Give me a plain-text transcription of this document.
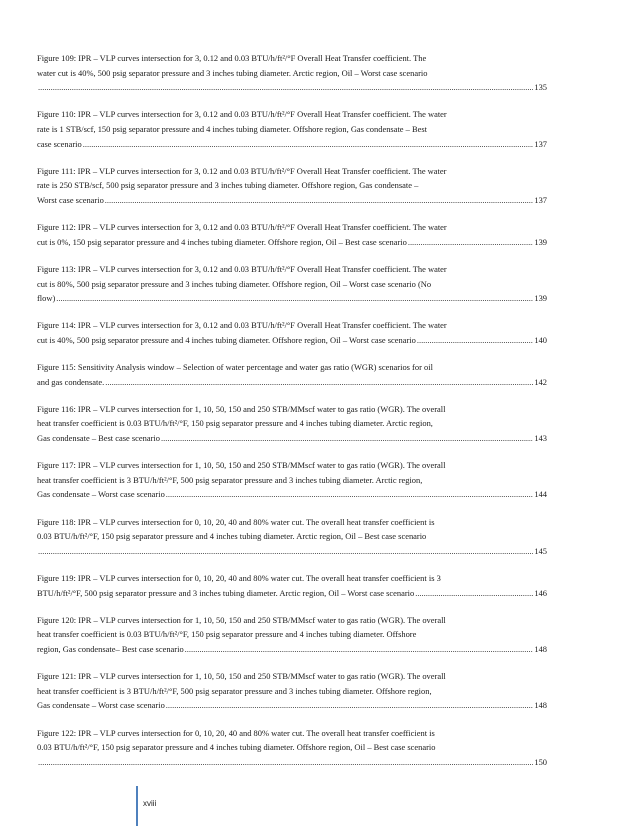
Figure 109: IPR – VLP curves intersection for 3, 0.12 and 0.03 BTU/h/ft²/°F Overall Heat Transfer coefficient. The
water cut is 40%, 500 psig separator pressure and 3 inches tubing diameter. Arctic region, Oil – Worst case scenario
.....
135
Figure 110: IPR – VLP curves intersection for 3, 0.12 and 0.03 BTU/h/ft²/°F Overall Heat Transfer coefficient. The water
rate is 1 STB/scf, 150 psig separator pressure and 4 inches tubing diameter. Offshore region, Gas condensate – Best
case scenario .....	137
Figure 111: IPR – VLP curves intersection for 3, 0.12 and 0.03 BTU/h/ft²/°F Overall Heat Transfer coefficient. The water
rate is 250 STB/scf, 500 psig separator pressure and 3 inches tubing diameter. Offshore region, Gas condensate –
Worst case scenario .....	137
Figure 112: IPR – VLP curves intersection for 3, 0.12 and 0.03 BTU/h/ft²/°F Overall Heat Transfer coefficient. The water
cut is 0%, 150 psig separator pressure and 4 inches tubing diameter. Offshore region, Oil – Best case scenario .....	139
Figure 113: IPR – VLP curves intersection for 3, 0.12 and 0.03 BTU/h/ft²/°F Overall Heat Transfer coefficient. The water
cut is 80%, 500 psig separator pressure and 3 inches tubing diameter. Offshore region, Oil – Worst case scenario (No
flow) .....	139
Figure 114: IPR – VLP curves intersection for 3, 0.12 and 0.03 BTU/h/ft²/°F Overall Heat Transfer coefficient. The water
cut is 40%, 500 psig separator pressure and 4 inches tubing diameter. Offshore region, Oil – Worst case scenario .....	140
Figure 115: Sensitivity Analysis window – Selection of water percentage and water gas ratio (WGR) scenarios for oil
and gas condensate. .....	142
Figure 116: IPR – VLP curves intersection for 1, 10, 50, 150 and 250 STB/MMscf water to gas ratio (WGR). The overall
heat transfer coefficient is 0.03 BTU/h/ft²/°F, 150 psig separator pressure and 4 inches tubing diameter. Arctic region,
Gas condensate – Best case scenario .....	143
Figure 117: IPR – VLP curves intersection for 1, 10, 50, 150 and 250 STB/MMscf water to gas ratio (WGR). The overall
heat transfer coefficient is 3 BTU/h/ft²/°F, 500 psig separator pressure and 3 inches tubing diameter. Arctic region,
Gas condensate – Worst case scenario .....	144
Figure 118: IPR – VLP curves intersection for 0, 10, 20, 40 and 80% water cut. The overall heat transfer coefficient is
0.03 BTU/h/ft²/°F, 150 psig separator pressure and 4 inches tubing diameter. Arctic region, Oil – Best case scenario
.....
145
Figure 119: IPR – VLP curves intersection for 0, 10, 20, 40 and 80% water cut. The overall heat transfer coefficient is 3
BTU/h/ft²/°F, 500 psig separator pressure and 3 inches tubing diameter. Arctic region, Oil – Worst case scenario .....	146
Figure 120: IPR – VLP curves intersection for 1, 10, 50, 150 and 250 STB/MMscf water to gas ratio (WGR). The overall
heat transfer coefficient is 0.03 BTU/h/ft²/°F, 150 psig separator pressure and 4 inches tubing diameter. Offshore
region, Gas condensate– Best case scenario .....	148
Figure 121: IPR – VLP curves intersection for 1, 10, 50, 150 and 250 STB/MMscf water to gas ratio (WGR). The overall
heat transfer coefficient is 3 BTU/h/ft²/°F, 500 psig separator pressure and 3 inches tubing diameter. Offshore region,
Gas condensate – Worst case scenario .....	148
Figure 122: IPR – VLP curves intersection for 0, 10, 20, 40 and 80% water cut. The overall heat transfer coefficient is
0.03 BTU/h/ft²/°F, 150 psig separator pressure and 4 inches tubing diameter. Offshore region, Oil – Best case scenario
.....
150
xviii
